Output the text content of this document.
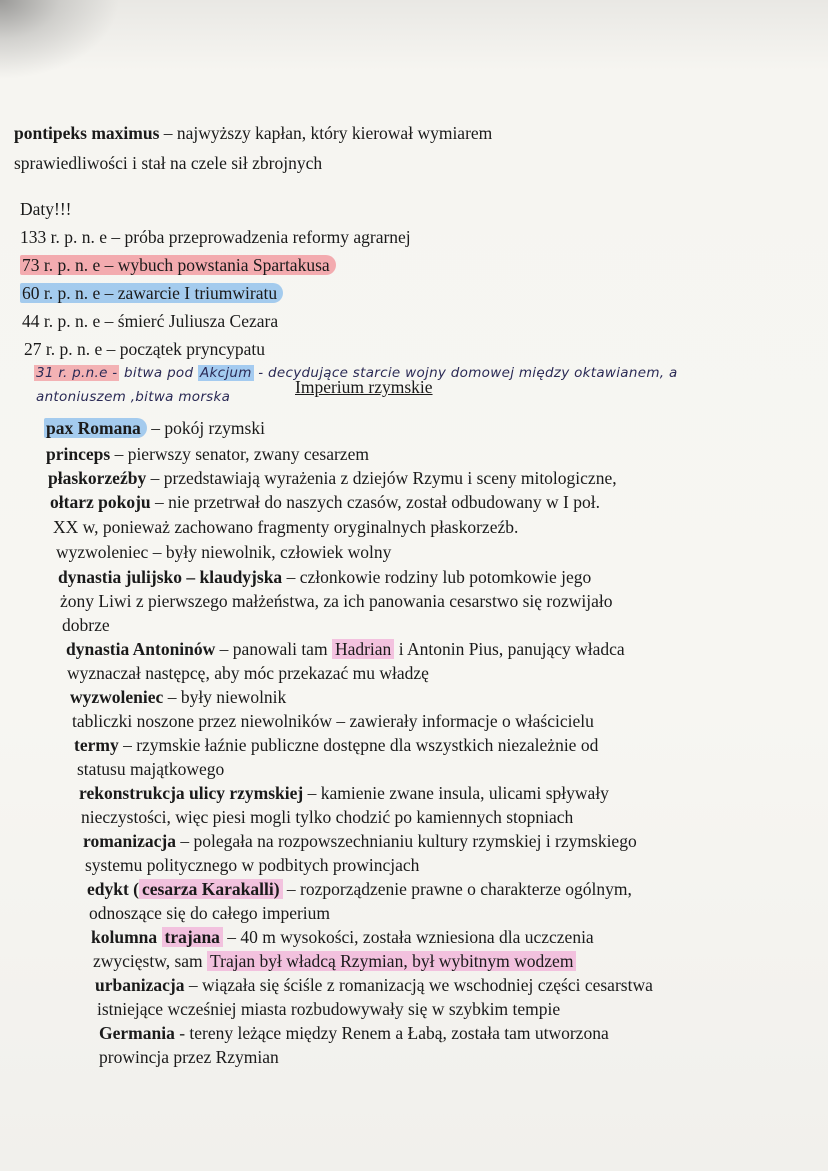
pontipeks maximus – najwyższy kapłan, który kierował wymiarem
sprawiedliwości i stał na czele sił zbrojnych
Daty!!!
133 r. p. n. e – próba przeprowadzenia reformy agrarnej
73 r. p. n. e – wybuch powstania Spartakusa
60 r. p. n. e – zawarcie I triumwiratu
44 r. p. n. e – śmierć Juliusza Cezara
27 r. p. n. e – początek pryncypatu
31 r. p.n.e - bitwa pod Akcjum - decydujące starcie wojny domowej między oktawianem, a
antoniuszem ,bitwa morska	Imperium rzymskie
pax Romana – pokój rzymski
princeps – pierwszy senator, zwany cesarzem
płaskorzeźby – przedstawiają wyrażenia z dziejów Rzymu i sceny mitologiczne,
ołtarz pokoju – nie przetrwał do naszych czasów, został odbudowany w I poł.
XX w, ponieważ zachowano fragmenty oryginalnych płaskorzeźb.
wyzwoleniec – były niewolnik, człowiek wolny
dynastia julijsko – klaudyjska – członkowie rodziny lub potomkowie jego
żony Liwi z pierwszego małżeństwa, za ich panowania cesarstwo się rozwijało
dobrze
dynastia Antoninów – panowali tam Hadrian i Antonin Pius, panujący władca
wyznaczał następcę, aby móc przekazać mu władzę
wyzwoleniec – były niewolnik
tabliczki noszone przez niewolników – zawierały informacje o właścicielu
termy – rzymskie łaźnie publiczne dostępne dla wszystkich niezależnie od
statusu majątkowego
rekonstrukcja ulicy rzymskiej – kamienie zwane insula, ulicami spływały
nieczystości, więc piesi mogli tylko chodzić po kamiennych stopniach
romanizacja – polegała na rozpowszechnianiu kultury rzymskiej i rzymskiego
systemu politycznego w podbitych prowincjach
edykt ( cesarza Karakalli) – rozporządzenie prawne o charakterze ogólnym,
odnoszące się do całego imperium
kolumna trajana – 40 m wysokości, została wzniesiona dla uczczenia
zwycięstw, sam Trajan był władcą Rzymian, był wybitnym wodzem
urbanizacja – wiązała się ściśle z romanizacją we wschodniej części cesarstwa
istniejące wcześniej miasta rozbudowywały się w szybkim tempie
Germania - tereny leżące między Renem a Łabą, została tam utworzona
prowincja przez Rzymian
